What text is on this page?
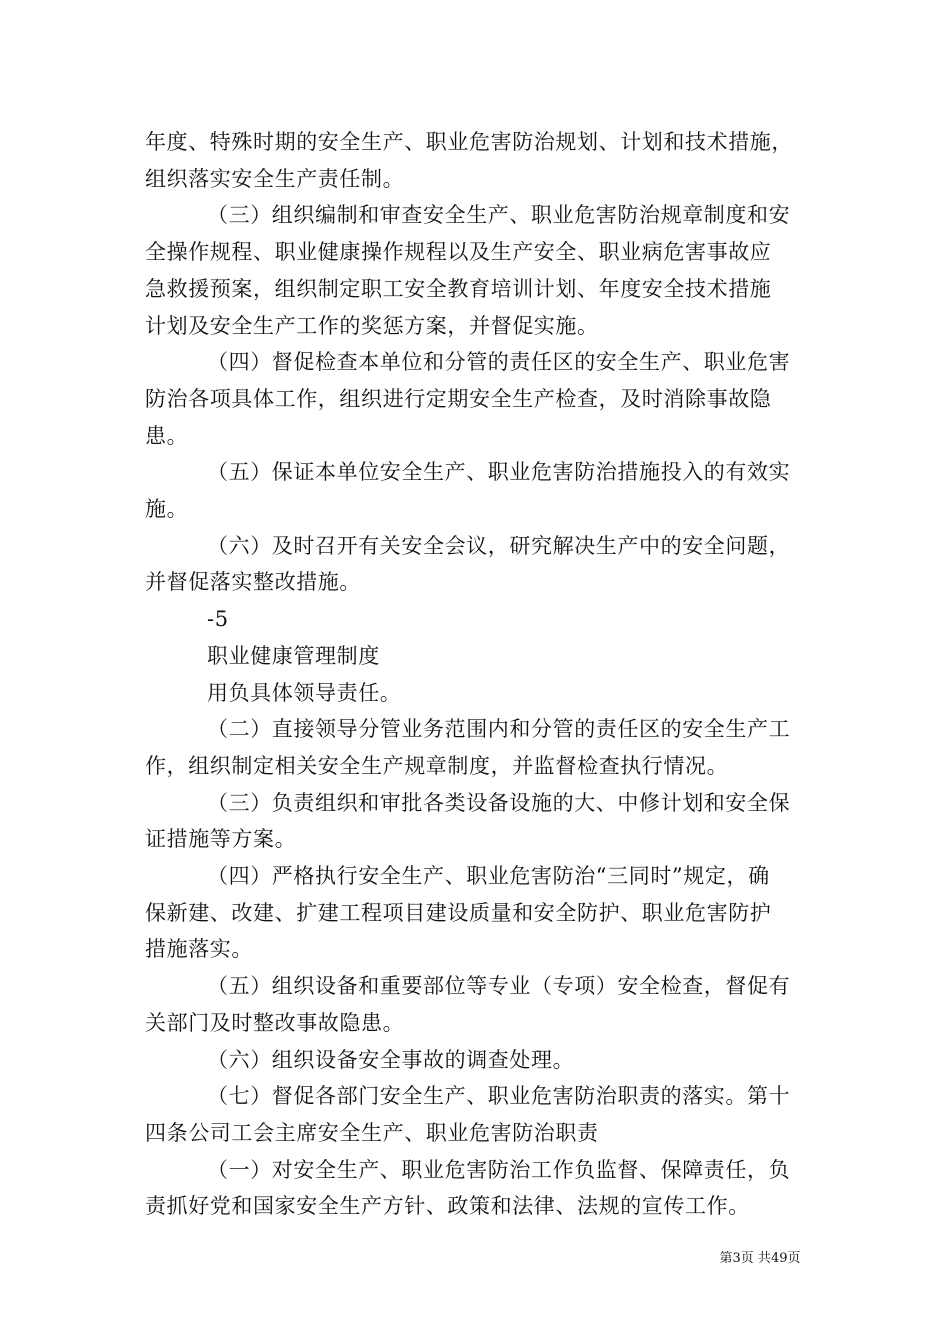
年度、特殊时期的安全生产、职业危害防治规划、计划和技术措施，

组织落实安全生产责任制。

（三）组织编制和审查安全生产、职业危害防治规章制度和安

全操作规程、职业健康操作规程以及生产安全、职业病危害事故应

急救援预案，组织制定职工安全教育培训计划、年度安全技术措施

计划及安全生产工作的奖惩方案，并督促实施。

（四）督促检查本单位和分管的责任区的安全生产、职业危害

防治各项具体工作，组织进行定期安全生产检查，及时消除事故隐

患。

（五）保证本单位安全生产、职业危害防治措施投入的有效实

施。

（六）及时召开有关安全会议，研究解决生产中的安全问题，

并督促落实整改措施。

-5

职业健康管理制度

用负具体领导责任。

（二）直接领导分管业务范围内和分管的责任区的安全生产工

作，组织制定相关安全生产规章制度，并监督检查执行情况。

（三）负责组织和审批各类设备设施的大、中修计划和安全保

证措施等方案。

（四）严格执行安全生产、职业危害防治“三同时”规定，确

保新建、改建、扩建工程项目建设质量和安全防护、职业危害防护

措施落实。

（五）组织设备和重要部位等专业（专项）安全检查，督促有

关部门及时整改事故隐患。

（六）组织设备安全事故的调查处理。

（七）督促各部门安全生产、职业危害防治职责的落实。第十

四条公司工会主席安全生产、职业危害防治职责

（一）对安全生产、职业危害防治工作负监督、保障责任，负

责抓好党和国家安全生产方针、政策和法律、法规的宣传工作。

第3页 共49页
